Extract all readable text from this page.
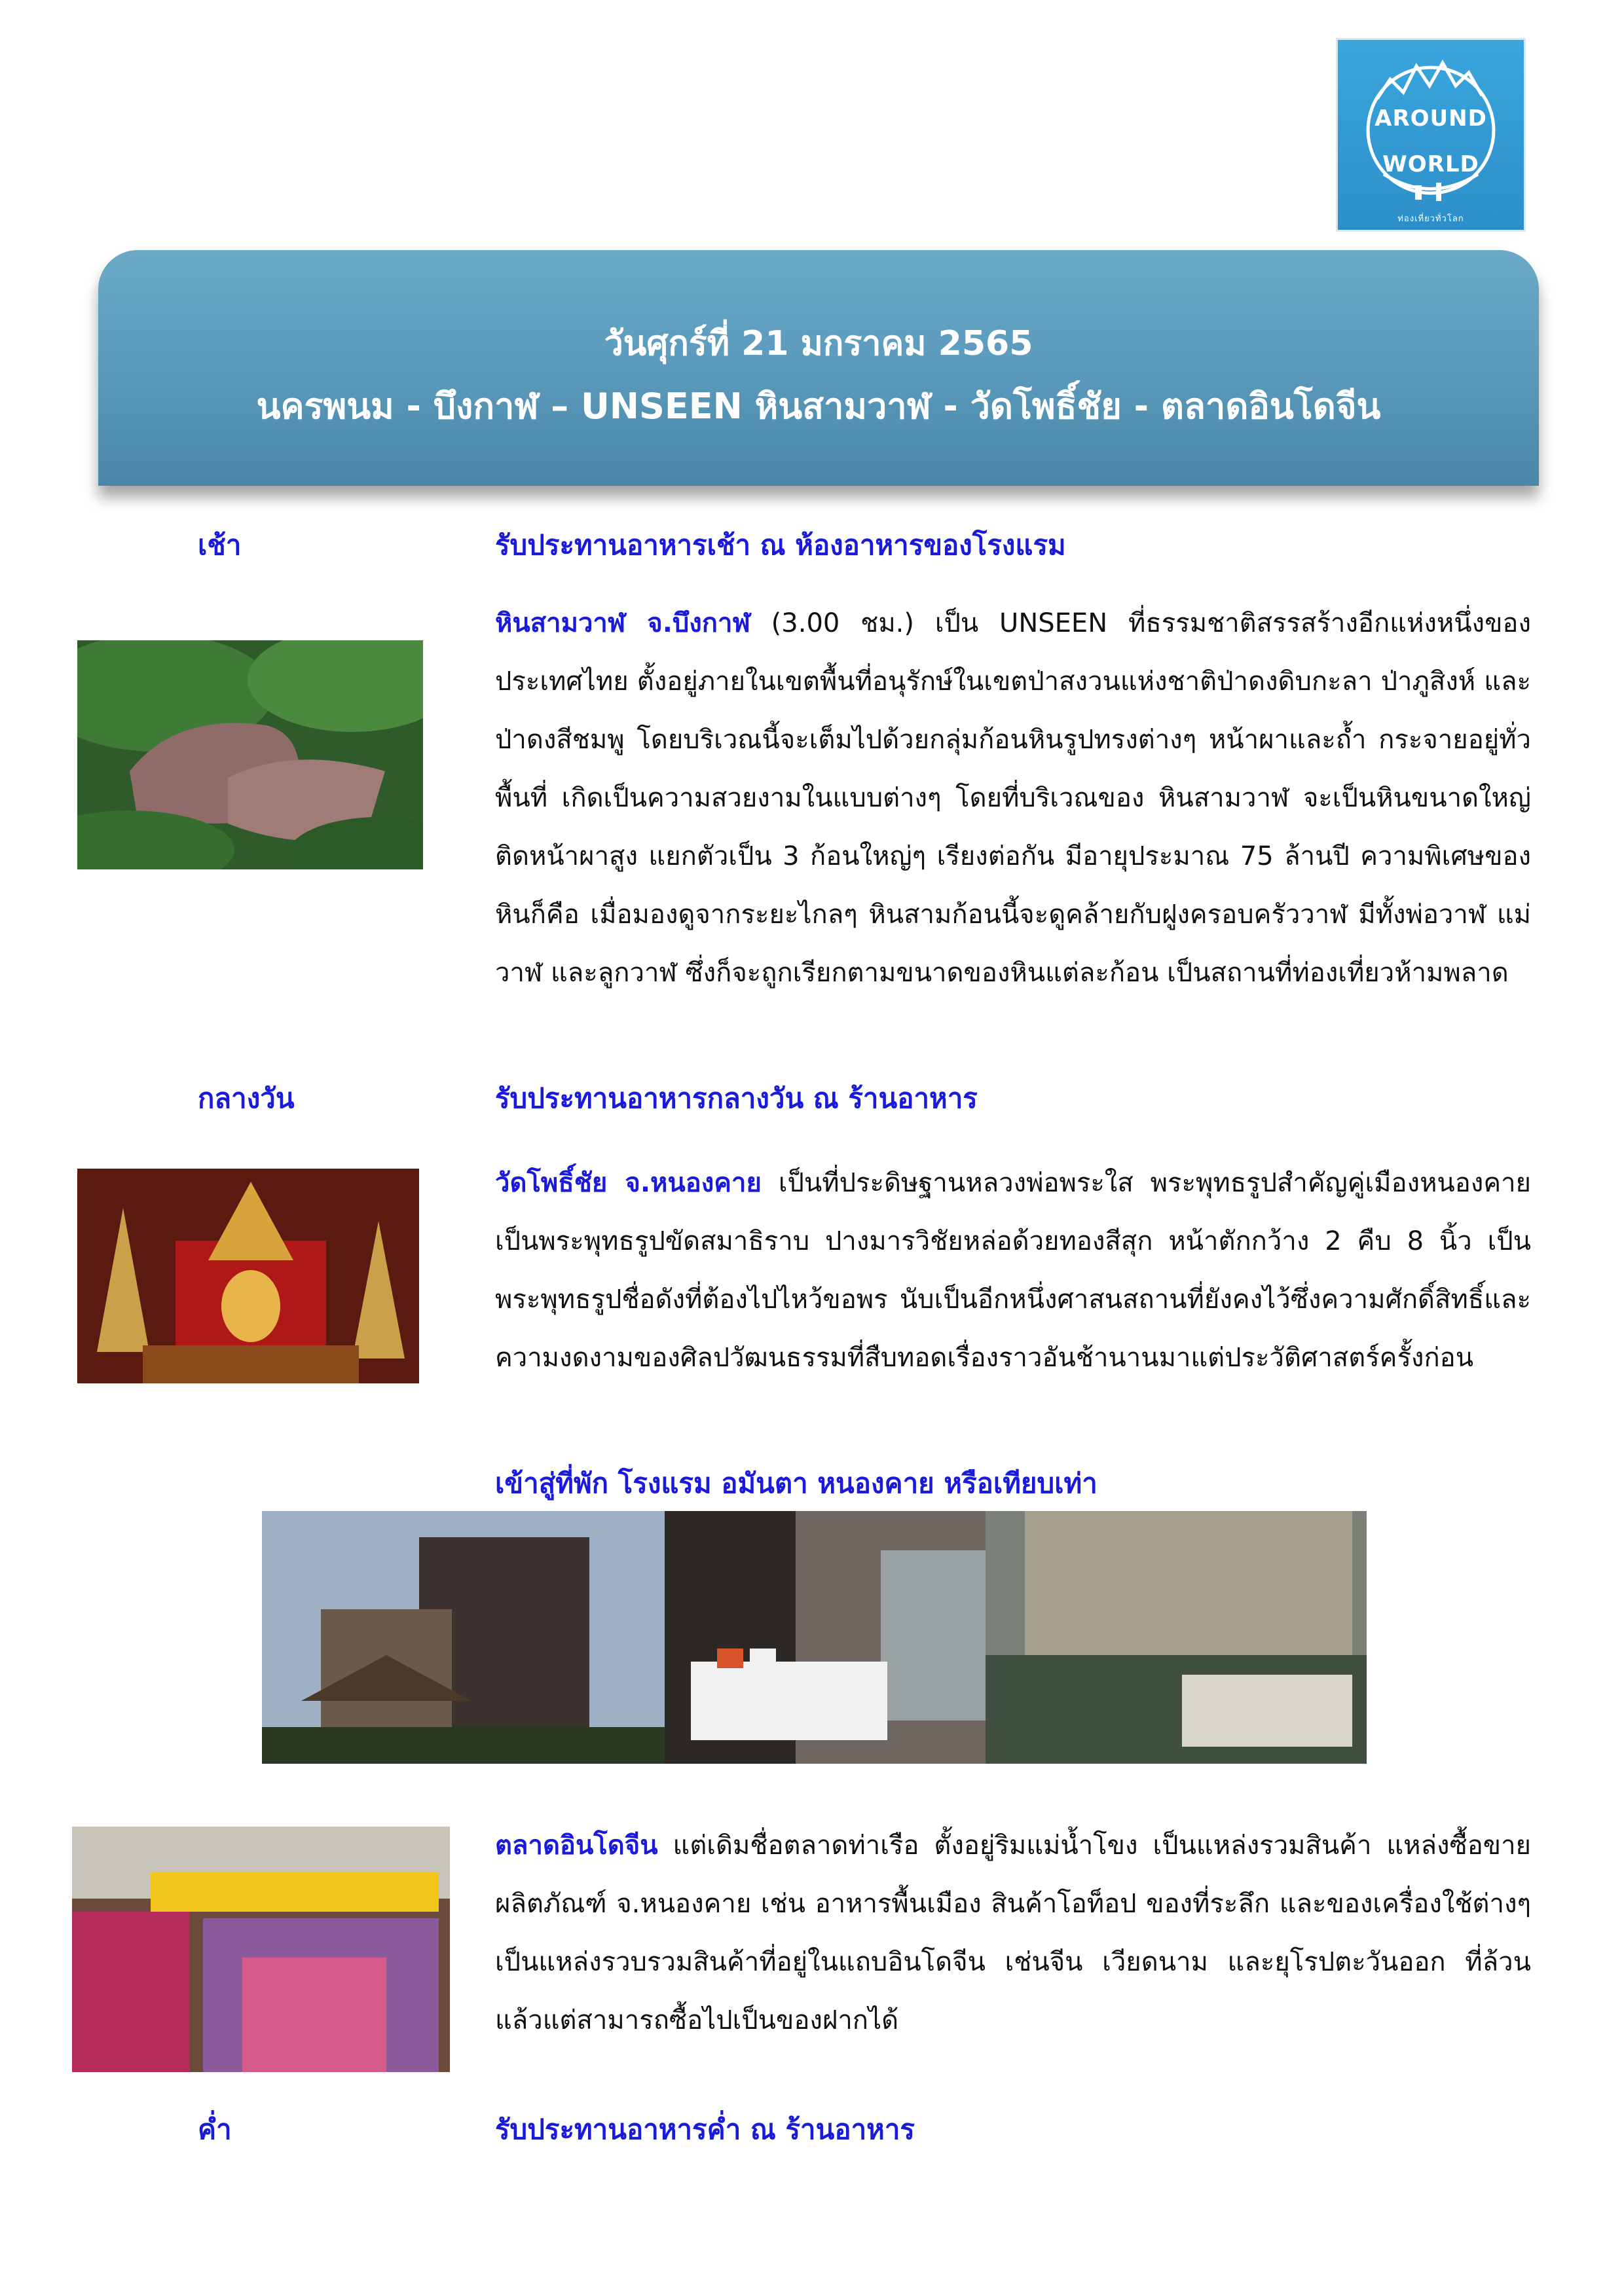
AROUND
WORLD
ท่องเที่ยวทั่วโลก
วันศุกร์ที่ 21 มกราคม 2565
นครพนม - บึงกาฬ – UNSEEN หินสามวาฬ - วัดโพธิ์ชัย - ตลาดอินโดจีน
เช้า	รับประทานอาหารเช้า ณ ห้องอาหารของโรงแรม
หินสามวาฬ จ.บึงกาฬ (3.00 ชม.) เป็น UNSEEN ที่ธรรมชาติสรรสร้างอีกแห่งหนึ่งของประเทศไทย ตั้งอยู่ภายในเขตพื้นที่อนุรักษ์ในเขตป่าสงวนแห่งชาติป่าดงดิบกะลา ป่าภูสิงห์ และป่าดงสีชมพู โดยบริเวณนี้จะเต็มไปด้วยกลุ่มก้อนหินรูปทรงต่างๆ หน้าผาและถ้ำ กระจายอยู่ทั่วพื้นที่ เกิดเป็นความสวยงามในแบบต่างๆ โดยที่บริเวณของ หินสามวาฬ จะเป็นหินขนาดใหญ่ติดหน้าผาสูง แยกตัวเป็น 3 ก้อนใหญ่ๆ เรียงต่อกัน มีอายุประมาณ 75 ล้านปี ความพิเศษของหินก็คือ เมื่อมองดูจากระยะไกลๆ หินสามก้อนนี้จะดูคล้ายกับฝูงครอบครัววาฬ มีทั้งพ่อวาฬ แม่วาฬ และลูกวาฬ ซึ่งก็จะถูกเรียกตามขนาดของหินแต่ละก้อน เป็นสถานที่ท่องเที่ยวห้ามพลาด
กลางวัน	รับประทานอาหารกลางวัน ณ ร้านอาหาร
วัดโพธิ์ชัย จ.หนองคาย เป็นที่ประดิษฐานหลวงพ่อพระใส พระพุทธรูปสำคัญคู่เมืองหนองคาย เป็นพระพุทธรูปขัดสมาธิราบ ปางมารวิชัยหล่อด้วยทองสีสุก หน้าตักกว้าง 2 คืบ 8 นิ้ว เป็นพระพุทธรูปชื่อดังที่ต้องไปไหว้ขอพร นับเป็นอีกหนึ่งศาสนสถานที่ยังคงไว้ซึ่งความศักดิ์สิทธิ์และความงดงามของศิลปวัฒนธรรมที่สืบทอดเรื่องราวอันช้านานมาแต่ประวัติศาสตร์ครั้งก่อน
เข้าสู่ที่พัก โรงแรม อมันตา หนองคาย หรือเทียบเท่า
ตลาดอินโดจีน แต่เดิมชื่อตลาดท่าเรือ ตั้งอยู่ริมแม่น้ำโขง เป็นแหล่งรวมสินค้า แหล่งซื้อขายผลิตภัณฑ์ จ.หนองคาย เช่น อาหารพื้นเมือง สินค้าโอท็อป ของที่ระลึก และของเครื่องใช้ต่างๆ เป็นแหล่งรวบรวมสินค้าที่อยู่ในแถบอินโดจีน เช่นจีน เวียดนาม และยุโรปตะวันออก ที่ล้วนแล้วแต่สามารถซื้อไปเป็นของฝากได้
ค่ำ	รับประทานอาหารค่ำ ณ ร้านอาหาร
